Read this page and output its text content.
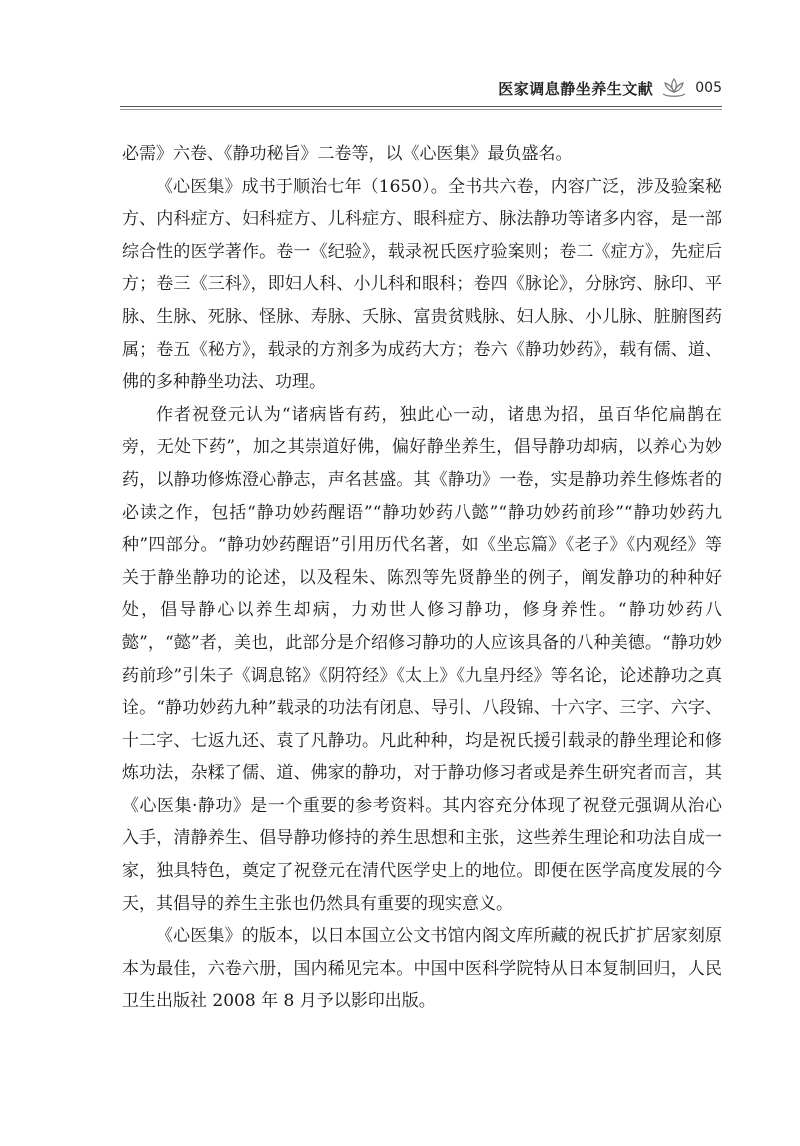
医家调息静坐养生文献	005

必需》六卷、《静功秘旨》二卷等，以《心医集》最负盛名。

《心医集》成书于顺治七年（1650）。全书共六卷，内容广泛，涉及验案秘方、内科症方、妇科症方、儿科症方、眼科症方、脉法静功等诸多内容，是一部综合性的医学著作。卷一《纪验》，载录祝氏医疗验案则；卷二《症方》，先症后方；卷三《三科》，即妇人科、小儿科和眼科；卷四《脉论》，分脉窍、脉印、平脉、生脉、死脉、怪脉、寿脉、夭脉、富贵贫贱脉、妇人脉、小儿脉、脏腑图药属；卷五《秘方》，载录的方剂多为成药大方；卷六《静功妙药》，载有儒、道、佛的多种静坐功法、功理。

作者祝登元认为“诸病皆有药，独此心一动，诸患为招，虽百华佗扁鹊在旁，无处下药”，加之其崇道好佛，偏好静坐养生，倡导静功却病，以养心为妙药，以静功修炼澄心静志，声名甚盛。其《静功》一卷，实是静功养生修炼者的必读之作，包括“静功妙药醒语”“静功妙药八懿”“静功妙药前珍”“静功妙药九种”四部分。“静功妙药醒语”引用历代名著，如《坐忘篇》《老子》《内观经》等关于静坐静功的论述，以及程朱、陈烈等先贤静坐的例子，阐发静功的种种好处，倡导静心以养生却病，力劝世人修习静功，修身养性。“静功妙药八懿”，“懿”者，美也，此部分是介绍修习静功的人应该具备的八种美德。“静功妙药前珍”引朱子《调息铭》《阴符经》《太上》《九皇丹经》等名论，论述静功之真诠。“静功妙药九种”载录的功法有闭息、导引、八段锦、十六字、三字、六字、十二字、七返九还、袁了凡静功。凡此种种，均是祝氏援引载录的静坐理论和修炼功法，杂糅了儒、道、佛家的静功，对于静功修习者或是养生研究者而言，其《心医集·静功》是一个重要的参考资料。其内容充分体现了祝登元强调从治心入手，清静养生、倡导静功修持的养生思想和主张，这些养生理论和功法自成一家，独具特色，奠定了祝登元在清代医学史上的地位。即便在医学高度发展的今天，其倡导的养生主张也仍然具有重要的现实意义。

《心医集》的版本，以日本国立公文书馆内阁文库所藏的祝氏扩扩居家刻原本为最佳，六卷六册，国内稀见完本。中国中医科学院特从日本复制回归，人民卫生出版社 2008 年 8 月予以影印出版。
